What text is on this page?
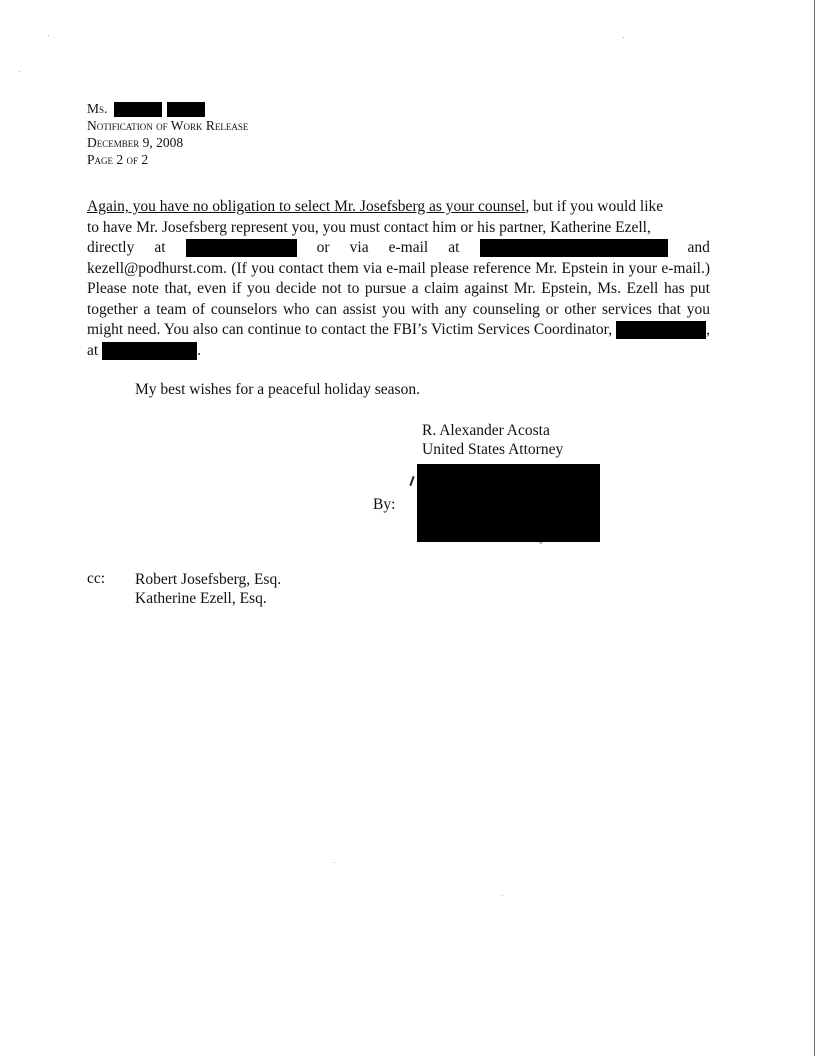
Ms.
Notification of Work Release
December 9, 2008
Page 2 of 2
Again, you have no obligation to select Mr. Josefsberg as your counsel, but if you would like
to have Mr. Josefsberg represent you, you must contact him or his partner, Katherine Ezell,
directly at	or via e-mail at	and
kezell@podhurst.com. (If you contact them via e-mail please reference Mr. Epstein in your e-mail.) Please note that, even if you decide not to pursue a claim against Mr. Epstein, Ms. Ezell has put together a team of counselors who can assist you with any counseling or other services that you might need. You also can continue to contact the FBI’s Victim Services Coordinator,	, at	.
My best wishes for a peaceful holiday season.
R. Alexander Acosta
United States Attorney
By:
cc: Robert Josefsberg, Esq.
Katherine Ezell, Esq.
